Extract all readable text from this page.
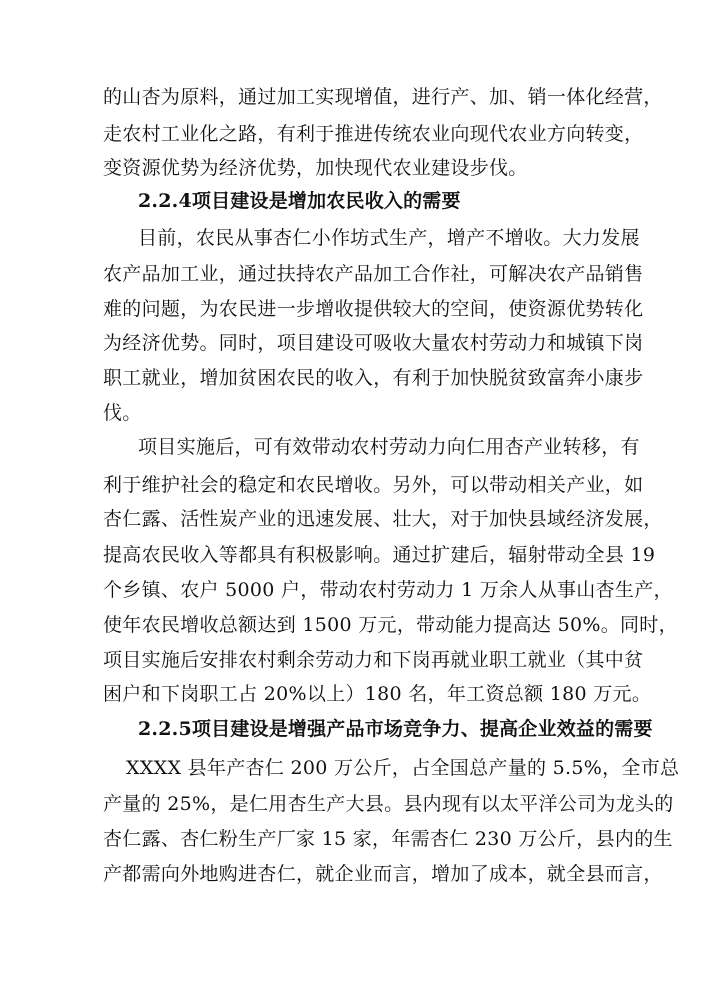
的山杏为原料，通过加工实现增值，进行产、加、销一体化经营，
走农村工业化之路，有利于推进传统农业向现代农业方向转变，
变资源优势为经济优势，加快现代农业建设步伐。
2.2.4项目建设是增加农民收入的需要
目前，农民从事杏仁小作坊式生产，增产不增收。大力发展
农产品加工业，通过扶持农产品加工合作社，可解决农产品销售
难的问题，为农民进一步增收提供较大的空间，使资源优势转化
为经济优势。同时，项目建设可吸收大量农村劳动力和城镇下岗
职工就业，增加贫困农民的收入，有利于加快脱贫致富奔小康步
伐。
项目实施后，可有效带动农村劳动力向仁用杏产业转移，有
利于维护社会的稳定和农民增收。另外，可以带动相关产业，如
杏仁露、活性炭产业的迅速发展、壮大，对于加快县域经济发展，
提高农民收入等都具有积极影响。通过扩建后，辐射带动全县 19
个乡镇、农户 5000 户，带动农村劳动力 1 万余人从事山杏生产，
使年农民增收总额达到 1500 万元，带动能力提高达 50%。同时，
项目实施后安排农村剩余劳动力和下岗再就业职工就业（其中贫
困户和下岗职工占 20%以上）180 名，年工资总额 180 万元。
2.2.5项目建设是增强产品市场竞争力、提高企业效益的需要
XXXX 县年产杏仁 200 万公斤，占全国总产量的 5.5%，全市总
产量的 25%，是仁用杏生产大县。县内现有以太平洋公司为龙头的
杏仁露、杏仁粉生产厂家 15 家，年需杏仁 230 万公斤，县内的生
产都需向外地购进杏仁，就企业而言，增加了成本，就全县而言，
